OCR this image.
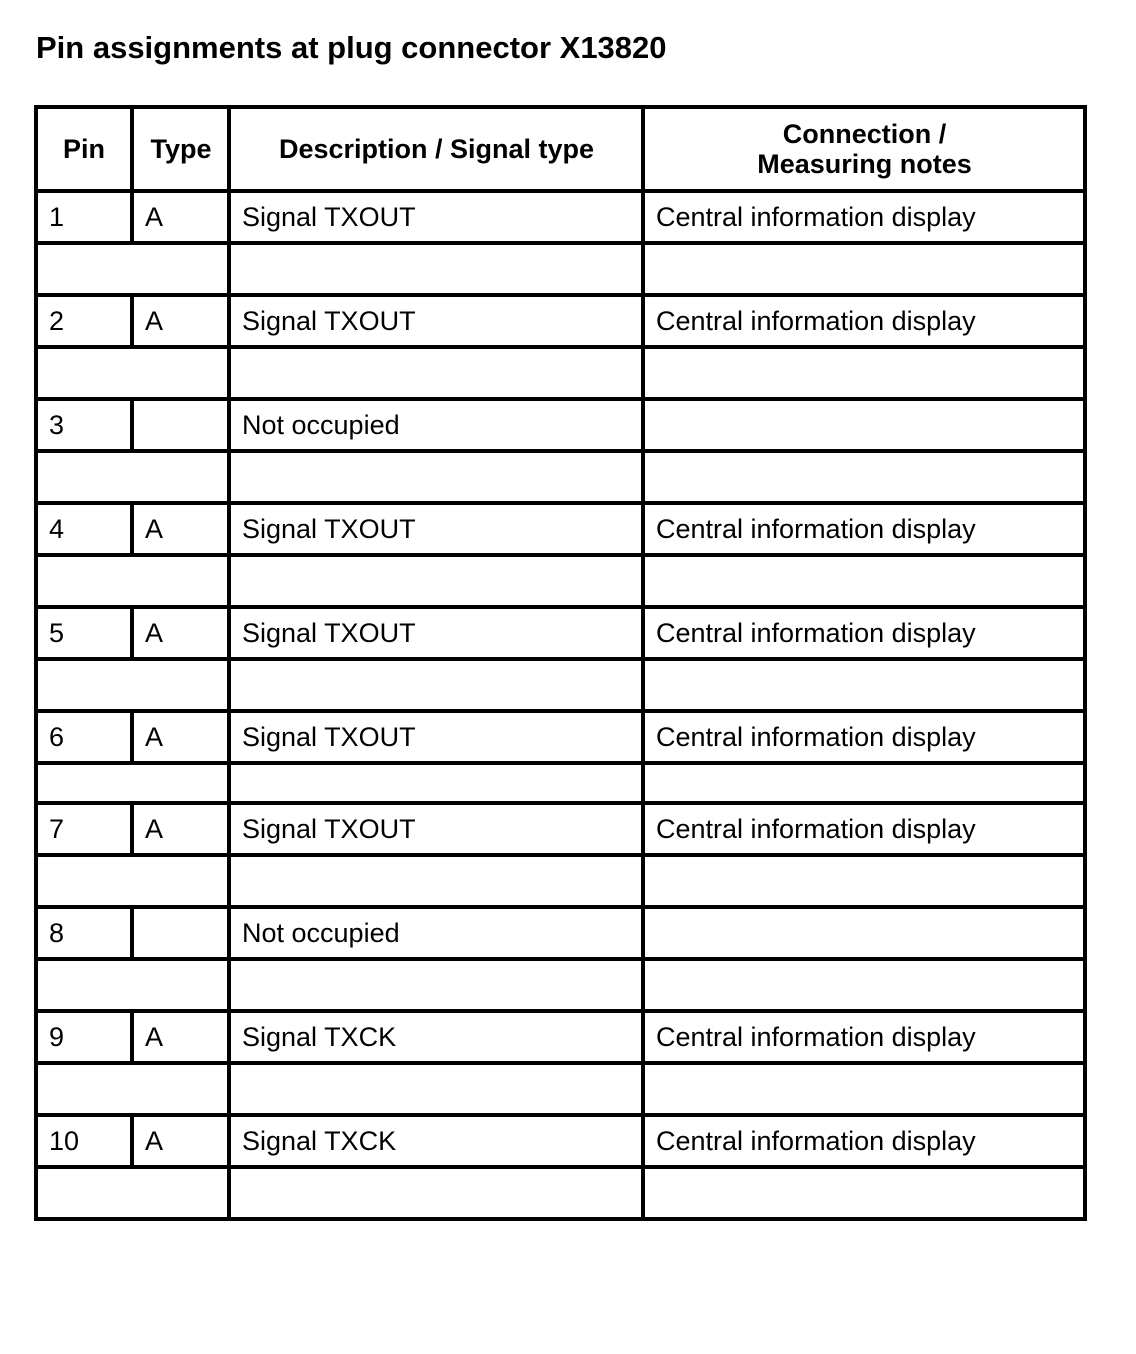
Pin assignments at plug connector X13820
Pin	Type	Description / Signal type	Connection /
Measuring notes
1	A	Signal TXOUT	Central information display

2	A	Signal TXOUT	Central information display

3		Not occupied	

4	A	Signal TXOUT	Central information display

5	A	Signal TXOUT	Central information display

6	A	Signal TXOUT	Central information display

7	A	Signal TXOUT	Central information display

8		Not occupied	

9	A	Signal TXCK	Central information display

10	A	Signal TXCK	Central information display
